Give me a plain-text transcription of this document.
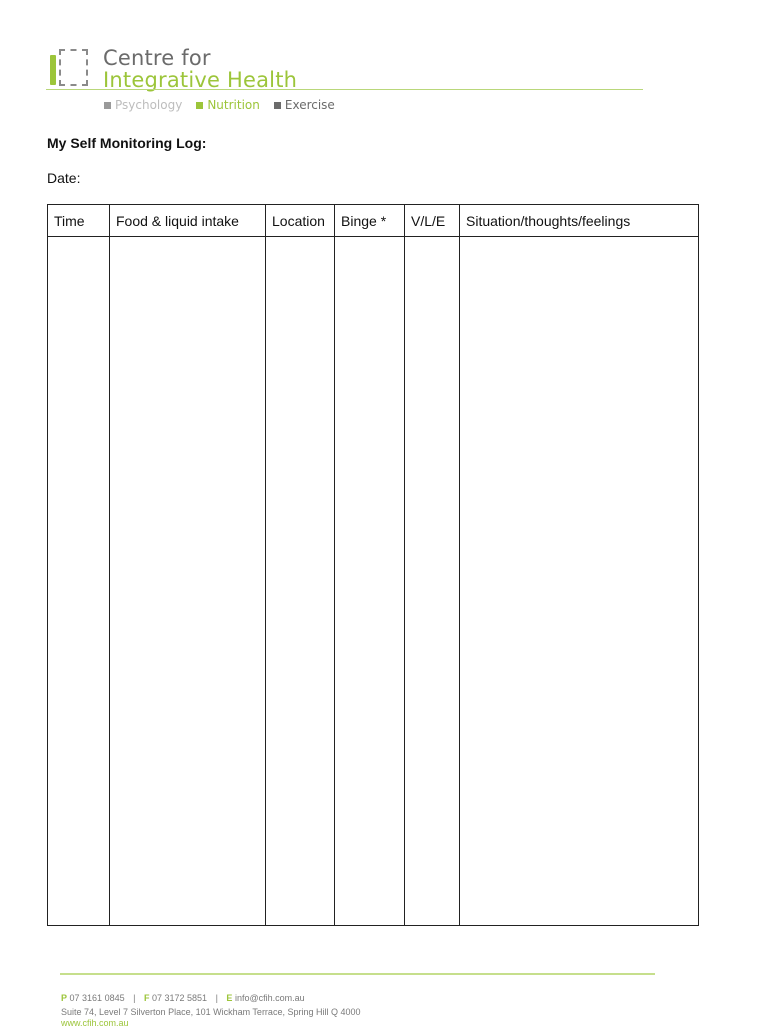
Centre for
Integrative Health
Psychology Nutrition Exercise
My Self Monitoring Log:
Date:
Time	Food & liquid intake	Location	Binge *	V/L/E	Situation/thoughts/feelings

P 07 3161 0845 | F 07 3172 5851 | E info@cfih.com.au
Suite 74, Level 7 Silverton Place, 101 Wickham Terrace, Spring Hill Q 4000
www.cfih.com.au
